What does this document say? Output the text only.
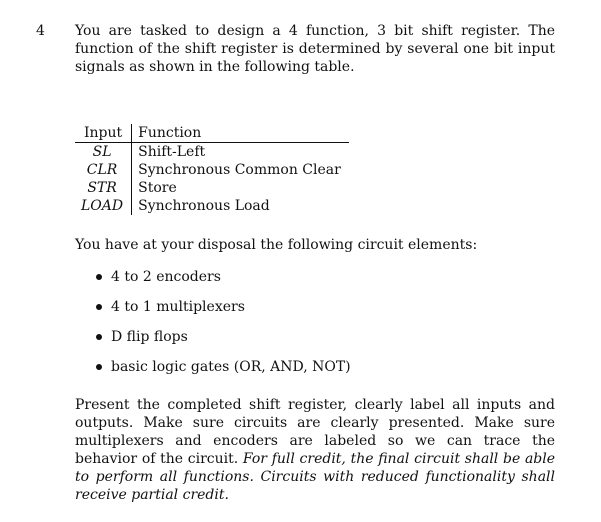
4 You are tasked to design a 4 function, 3 bit shift register. The function of the shift register is determined by several one bit input signals as shown in the following table.

Input	Function
SL	Shift-Left
CLR	Synchronous Common Clear
STR	Store
LOAD	Synchronous Load

You have at your disposal the following circuit elements:

4 to 2 encoders
4 to 1 multiplexers
D flip flops
basic logic gates (OR, AND, NOT)

Present the completed shift register, clearly label all inputs and outputs. Make sure circuits are clearly presented. Make sure multiplexers and encoders are labeled so we can trace the behavior of the circuit. For full credit, the final circuit shall be able to perform all functions. Circuits with reduced functionality shall receive partial credit.
